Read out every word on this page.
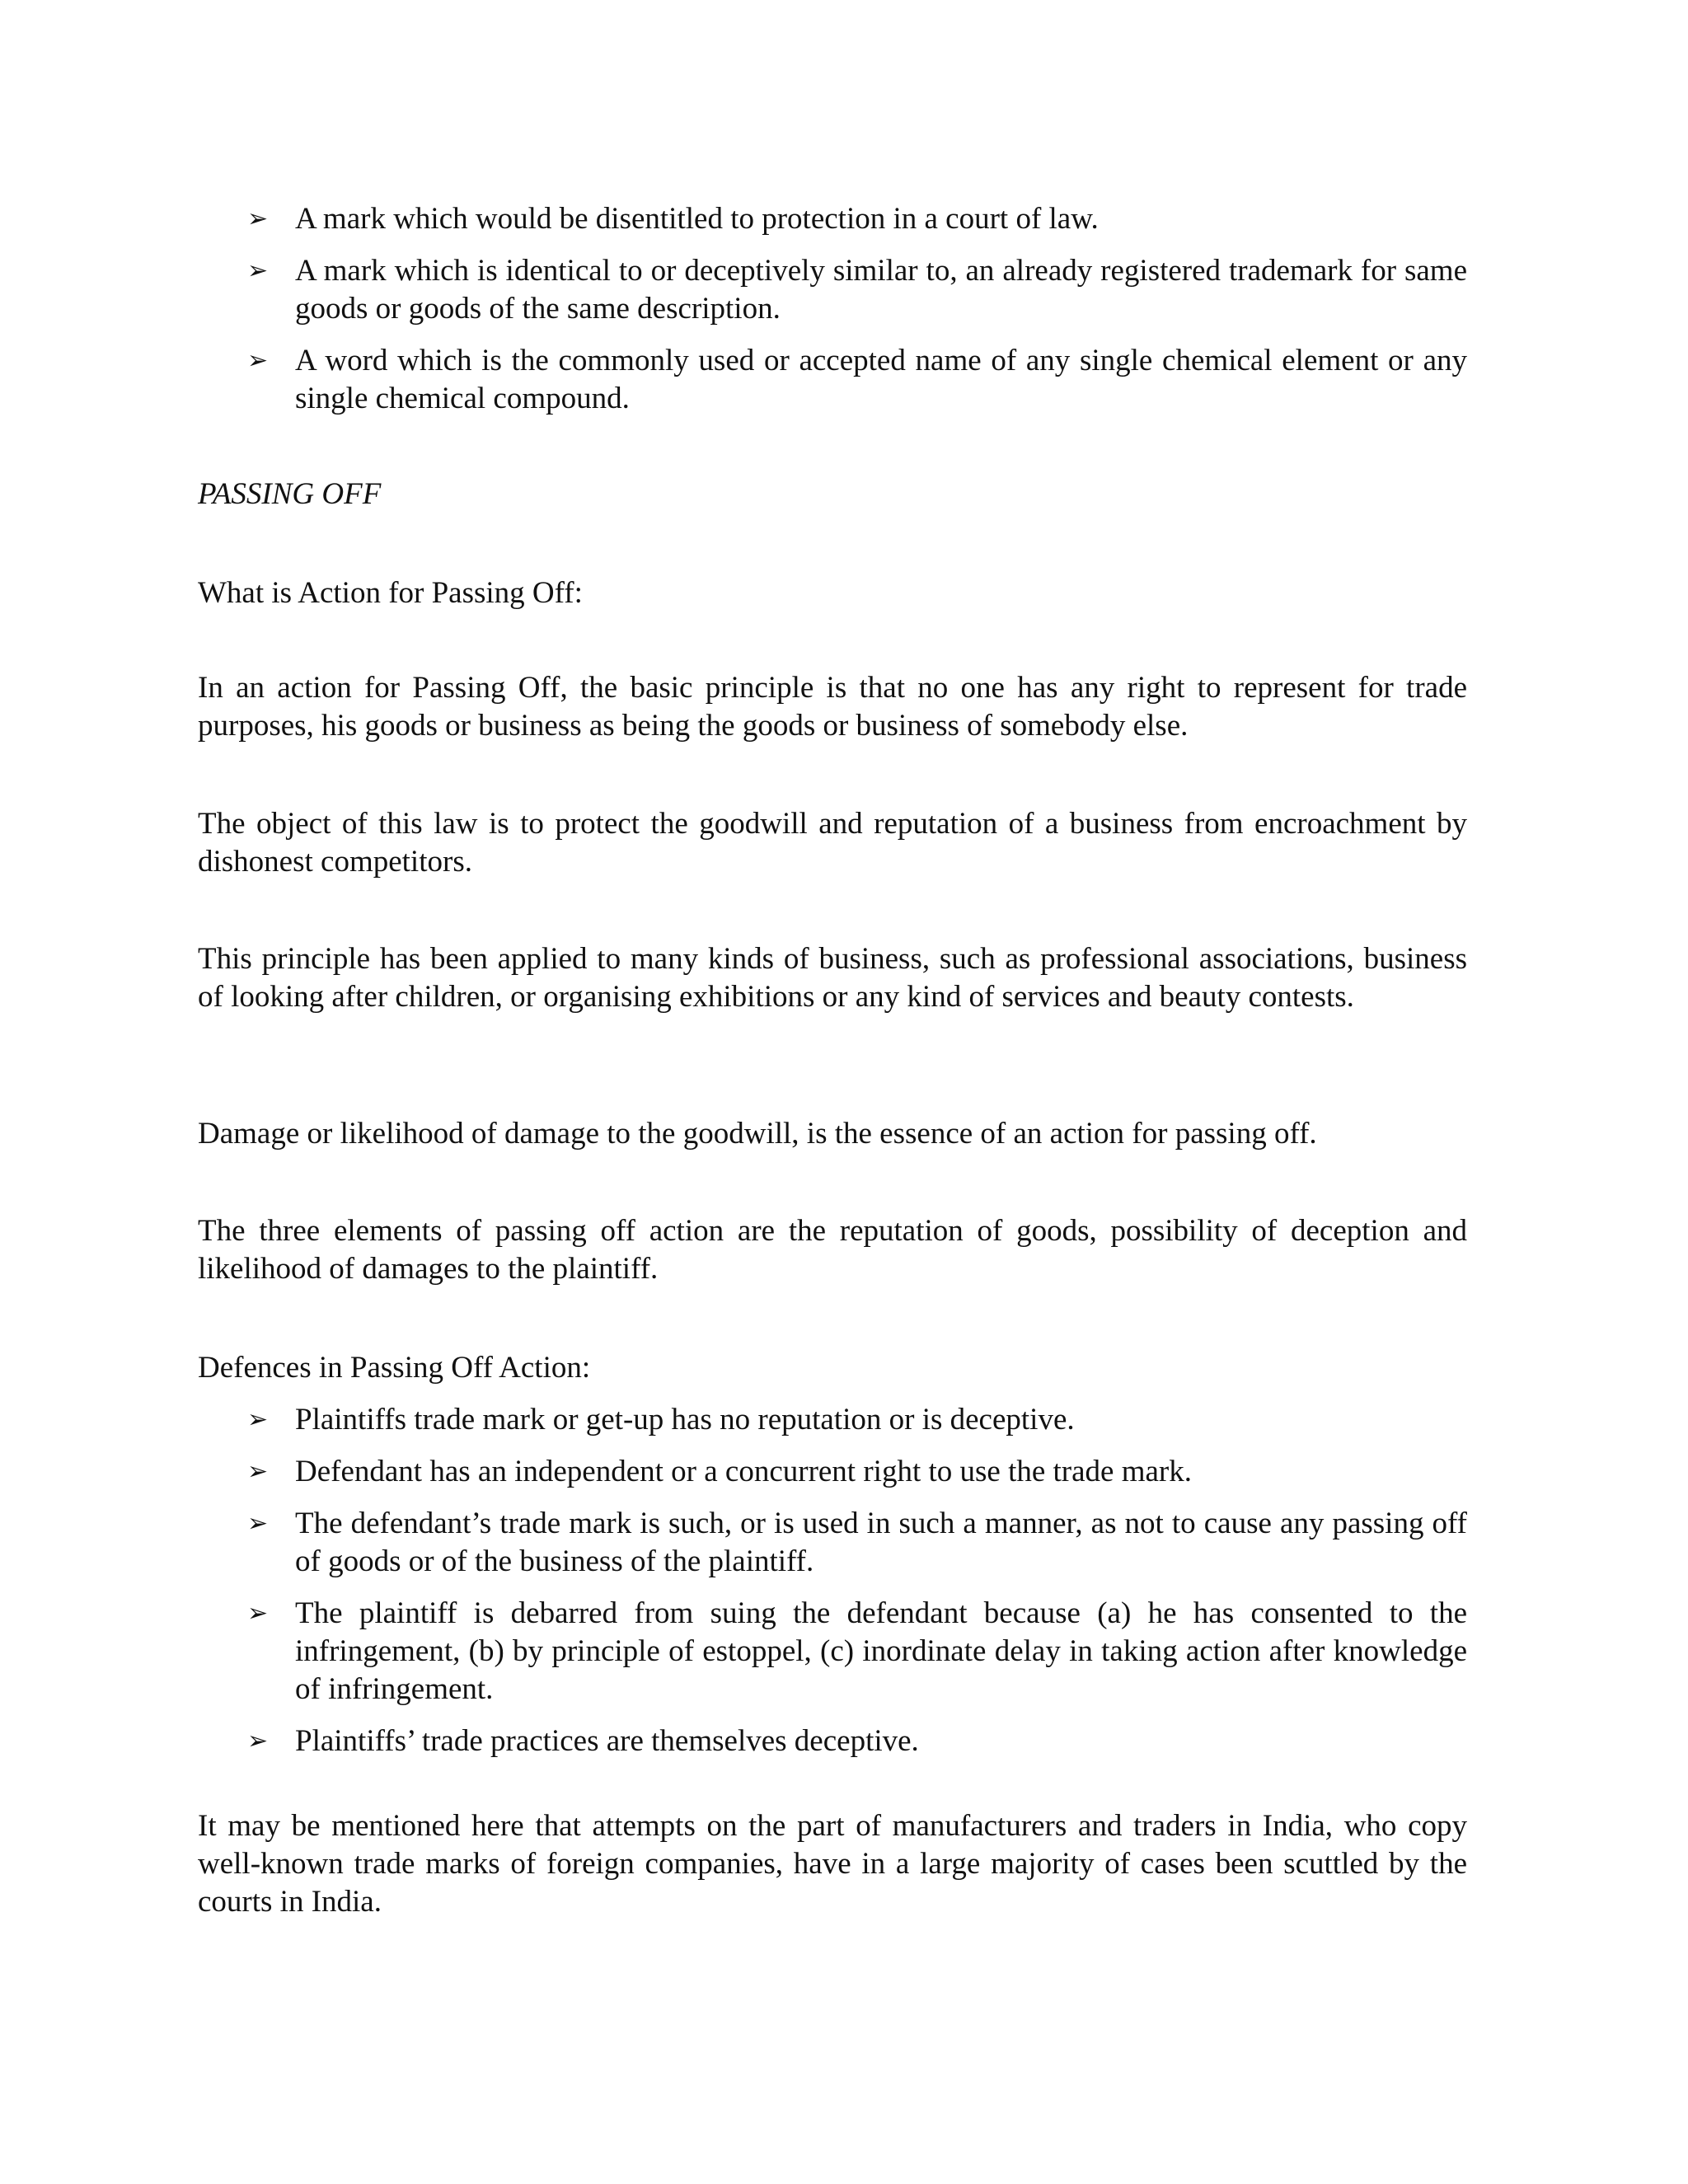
➢ A mark which would be disentitled to protection in a court of law.
➢ A mark which is identical to or deceptively similar to, an already registered trademark for same goods or goods of the same description.
➢ A word which is the commonly used or accepted name of any single chemical element or any single chemical compound.

PASSING OFF

What is Action for Passing Off:

In an action for Passing Off, the basic principle is that no one has any right to represent for trade purposes, his goods or business as being the goods or business of somebody else.

The object of this law is to protect the goodwill and reputation of a business from encroachment by dishonest competitors.

This principle has been applied to many kinds of business, such as professional associations, business of looking after children, or organising exhibitions or any kind of services and beauty contests.

Damage or likelihood of damage to the goodwill, is the essence of an action for passing off.

The three elements of passing off action are the reputation of goods, possibility of deception and likelihood of damages to the plaintiff.

Defences in Passing Off Action:

➢ Plaintiffs trade mark or get-up has no reputation or is deceptive.
➢ Defendant has an independent or a concurrent right to use the trade mark.
➢ The defendant’s trade mark is such, or is used in such a manner, as not to cause any passing off of goods or of the business of the plaintiff.
➢ The plaintiff is debarred from suing the defendant because (a) he has consented to the infringement, (b) by principle of estoppel, (c) inordinate delay in taking action after knowledge of infringement.
➢ Plaintiffs’ trade practices are themselves deceptive.

It may be mentioned here that attempts on the part of manufacturers and traders in India, who copy well-known trade marks of foreign companies, have in a large majority of cases been scuttled by the courts in India.
